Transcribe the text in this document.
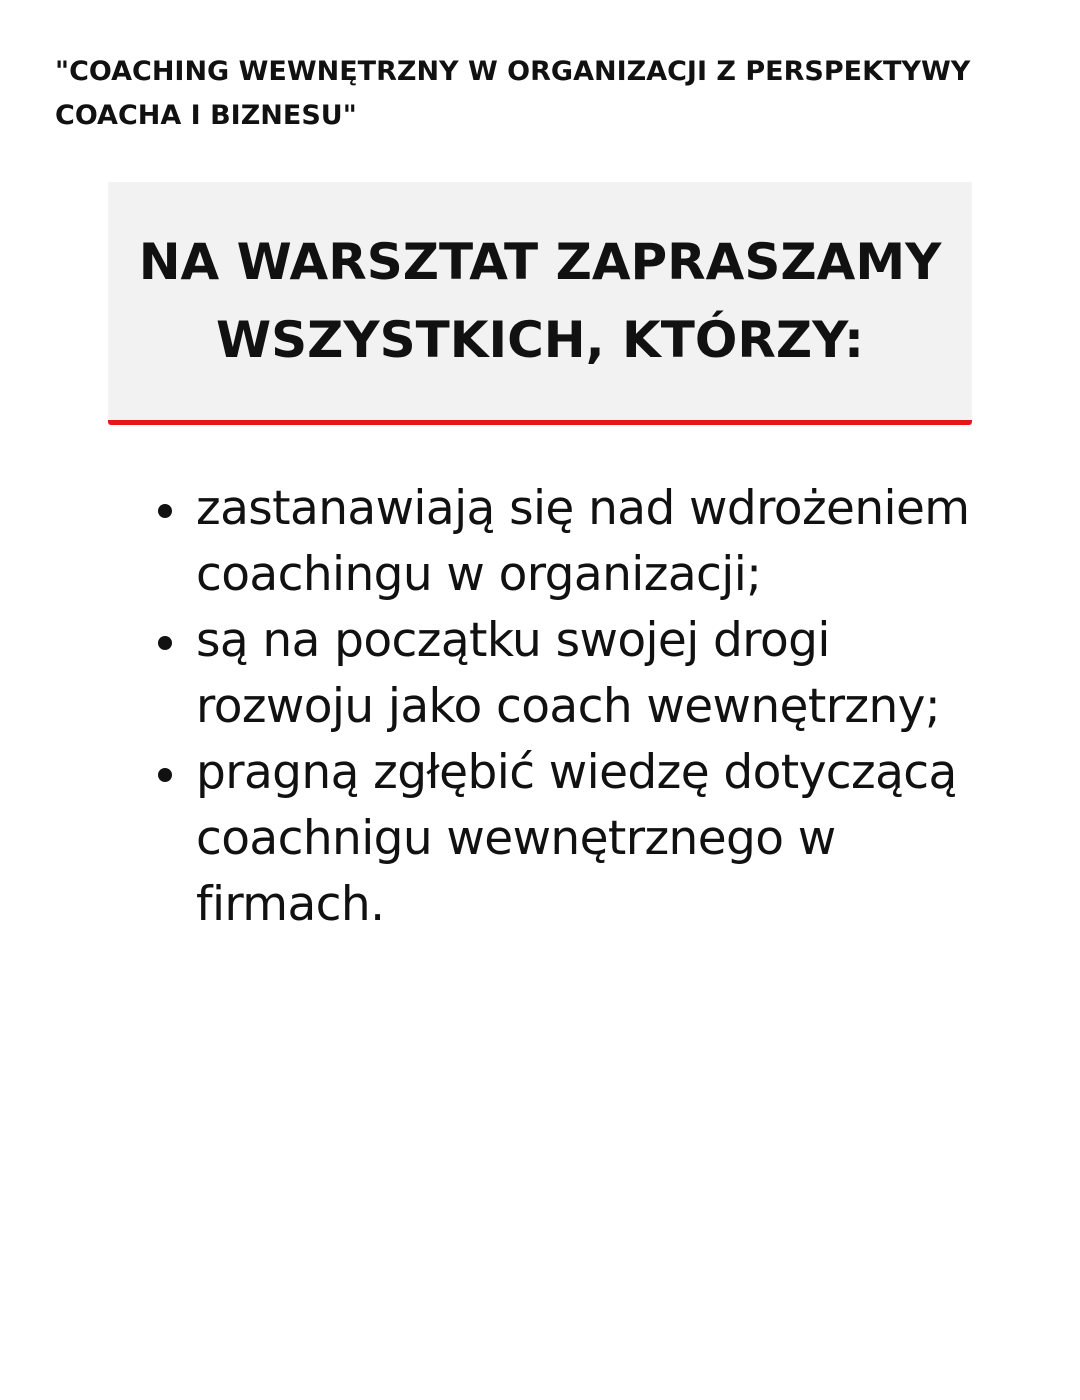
"COACHING WEWNĘTRZNY W ORGANIZACJI Z PERSPEKTYWY COACHA I BIZNESU"
NA WARSZTAT ZAPRASZAMY WSZYSTKICH, KTÓRZY:
zastanawiają się nad wdrożeniem coachingu w organizacji;
są na początku swojej drogi rozwoju jako coach wewnętrzny;
pragną zgłębić wiedzę dotyczącą coachnigu wewnętrznego w firmach.
